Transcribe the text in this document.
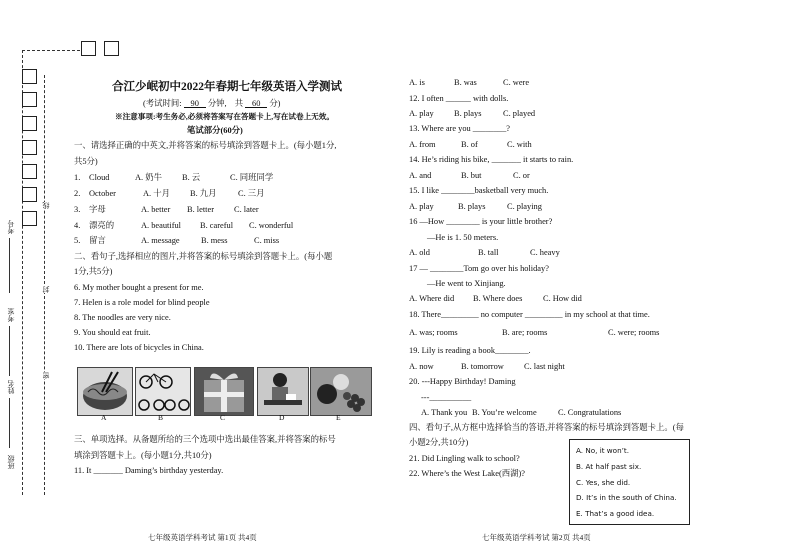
考号
考室
姓名
班级
线
封
密
合江少岷初中2022年春期七年级英语入学测试
(考试时间: 90 分钟, 共 60 分)
※注意事项:考生务必,必须将答案写在答题卡上,写在试卷上无效。
笔试部分(60分)
一、请选择正确的中英文,并将答案的标号填涂到答题卡上。(每小题1分,
共5分)
1. Cloud	A. 奶牛 B. 云	C. 同班同学
2. October	A. 十月 B. 九月	C. 三月
3. 字母	A. better B. letter C. later
4. 漂亮的	A. beautiful B. careful C. wonderful
5. 留言	A. message	B. mess	C. miss
二、看句子,选择相应的图片,并将答案的标号填涂到答题卡上。(每小题
1分,共5分)
6. My mother bought a present for me.
7. Helen is a role model for blind people
8. The noodles are very nice.
9. You should eat fruit.
10. There are lots of bicycles in China.
A	B	C	D	E
三、单项选择。从备题所给的三个选项中选出最佳答案,并将答案的标号
填涂到答题卡上。(每小题1分,共10分)
11. It _______ Daming’s birthday yesterday.
七年级英语学科考试 第1页 共4页
A. is	B. was	C. were
12. I often ______ with dolls.
A. play B. plays	C. played
13. Where are you ________?
A. from	B. of	C. with
14. He’s riding his bike, _______ it starts to rain.
A. and	B. but	C. or
15. I like ________basketball very much.
A. play	B. plays	C. playing
16 —How ________ is your little brother?
—He is 1. 50 meters.
A. old	B. tall	C. heavy
17 — ________Tom go over his holiday?
—He went to Xinjiang.
A. Where did B. Where does C. How did
18. There_________ no computer _________ in my school at that time.
A. was; rooms	B. are; rooms	C. were; rooms
19. Lily is reading a book________.
A. now	B. tomorrow C. last night
20. ---Happy Birthday! Daming
---__________
A. Thank you B. You’re welcome	C. Congratulations
四、看句子,从方框中选择恰当的答语,并将答案的标号填涂到答题卡上。(每
小题2分,共10分)
21. Did Lingling walk to school?
22. Where’s the West Lake(西湖)?
A. No, it won’t.
B. At half past six.
C. Yes, she did.
D. It’s in the south of China.
E. That’s a good idea.
七年级英语学科考试 第2页 共4页
